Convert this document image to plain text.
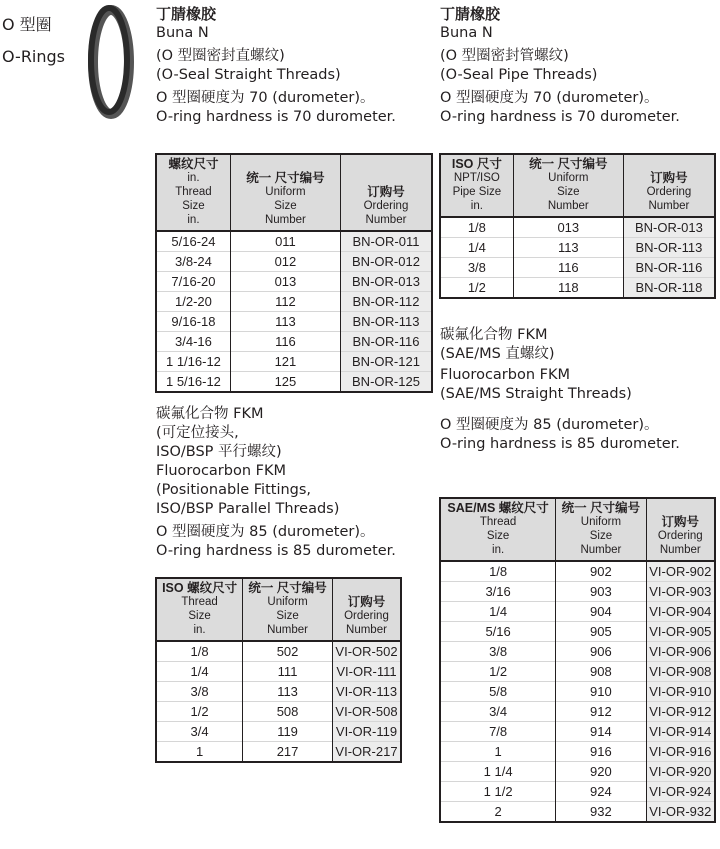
O 型圈
O-Rings
丁腈橡胶
Buna N
(O 型圈密封直螺纹)
(O-Seal Straight Threads)
O 型圈硬度为 70 (durometer)。
O-ring hardness is 70 durometer.
螺纹尺寸
in.
Thread
Size
in.	统一 尺寸编号
Uniform
Size
Number	订购号
Ordering
Number

5/16-24	011	BN-OR-011
3/8-24	012	BN-OR-012
7/16-20	013	BN-OR-013
1/2-20	112	BN-OR-112
9/16-18	113	BN-OR-113
3/4-16	116	BN-OR-116
1 1/16-12	121	BN-OR-121
1 5/16-12	125	BN-OR-125
丁腈橡胶
Buna N
(O 型圈密封管螺纹)
(O-Seal Pipe Threads)
O 型圈硬度为 70 (durometer)。
O-ring hardness is 70 durometer.
ISO 尺寸
NPT/ISO
Pipe Size
in.	统一 尺寸编号
Uniform
Size
Number	订购号
Ordering
Number

1/8	013	BN-OR-013
1/4	113	BN-OR-113
3/8	116	BN-OR-116
1/2	118	BN-OR-118
碳氟化合物 FKM
(SAE/MS 直螺纹)
Fluorocarbon FKM
(SAE/MS Straight Threads)
O 型圈硬度为 85 (durometer)。
O-ring hardness is 85 durometer.
SAE/MS 螺纹尺寸
Thread
Size
in.	统一 尺寸编号
Uniform
Size
Number	订购号
Ordering
Number

1/8	902	VI-OR-902
3/16	903	VI-OR-903
1/4	904	VI-OR-904
5/16	905	VI-OR-905
3/8	906	VI-OR-906
1/2	908	VI-OR-908
5/8	910	VI-OR-910
3/4	912	VI-OR-912
7/8	914	VI-OR-914
1	916	VI-OR-916
1 1/4	920	VI-OR-920
1 1/2	924	VI-OR-924
2	932	VI-OR-932
碳氟化合物 FKM
(可定位接头,
ISO/BSP 平行螺纹)
Fluorocarbon FKM
(Positionable Fittings,
ISO/BSP Parallel Threads)
O 型圈硬度为 85 (durometer)。
O-ring hardness is 85 durometer.
ISO 螺纹尺寸
Thread
Size
in.	统一 尺寸编号
Uniform
Size
Number	订购号
Ordering
Number

1/8	502	VI-OR-502
1/4	111	VI-OR-111
3/8	113	VI-OR-113
1/2	508	VI-OR-508
3/4	119	VI-OR-119
1	217	VI-OR-217
